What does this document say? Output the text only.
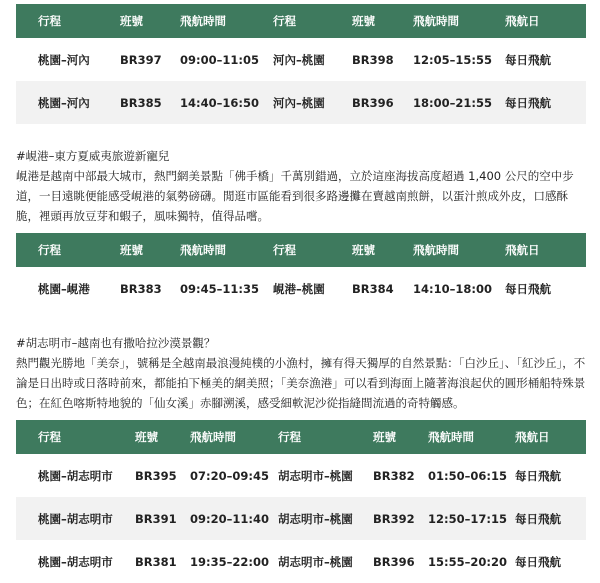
行程	班號	飛航時間	行程	班號	飛航時間	飛航日
桃園–河內	BR397	09:00–11:05	河內–桃園	BR398	12:05–15:55	每日飛航
桃園–河內	BR385	14:40–16:50	河內–桃園	BR396	18:00–21:55	每日飛航

#峴港–東方夏威夷旅遊新寵兒

峴港是越南中部最大城市，熱門網美景點「佛手橋」千萬別錯過，立於這座海拔高度超過 1,400 公尺的空中步道，一目遠眺便能感受峴港的氣勢磅礴。閒逛市區能看到很多路邊攤在賣越南煎餅，以蛋汁煎成外皮，口感酥脆，裡頭再放豆芽和蝦子，風味獨特，值得品嚐。

行程	班號	飛航時間	行程	班號	飛航時間	飛航日
桃園–峴港	BR383	09:45–11:35	峴港–桃園	BR384	14:10–18:00	每日飛航

#胡志明市–越南也有撒哈拉沙漠景觀？

熱門觀光勝地「美奈」，號稱是全越南最浪漫純樸的小漁村，擁有得天獨厚的自然景點：「白沙丘」、「紅沙丘」，不論是日出時或日落時前來，都能拍下極美的網美照；「美奈漁港」可以看到海面上隨著海浪起伏的圓形桶船特殊景色；在紅色喀斯特地貌的「仙女溪」赤腳溯溪，感受細軟泥沙從指縫間流過的奇特觸感。

行程	班號	飛航時間	行程	班號	飛航時間	飛航日
桃園–胡志明市	BR395	07:20–09:45 胡志明市–桃園	BR382	01:50–06:15 每日飛航
桃園–胡志明市	BR391	09:20–11:40 胡志明市–桃園	BR392	12:50–17:15 每日飛航
桃園–胡志明市	BR381	19:35–22:00 胡志明市–桃園	BR396	15:55–20:20 每日飛航
